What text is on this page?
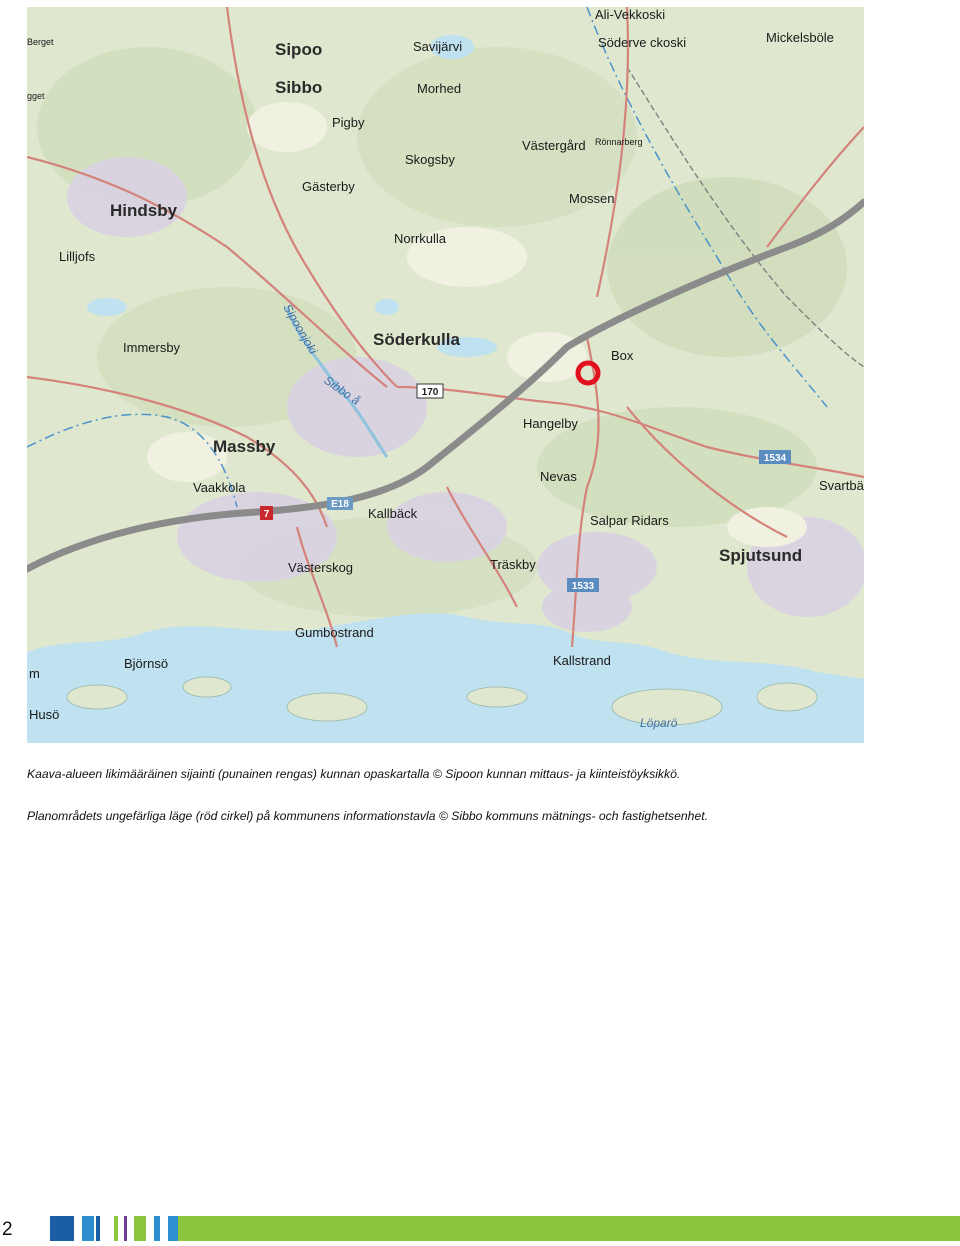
170
E18
7
1534
1533
Sipoo
Sibbo
Hindsby
Söderkulla
Massby
Spjutsund
Savijärvi
Ali-Vekkoski
Söderve ckoski	Mickelsböle
Morhed
Pigby
Skogsby
Västergård Rönnarberg
Gästerby
Mossen
Lilljofs
Norrkulla
Immersby
Box
Hangelby
Vaakkola
Nevas
Kallbäck
Svartbä
Salpar Ridars
Västerskog	Träskby
Gumbostrand
Björnsö	Kallstrand
Husö
m
Berget
gget
Sipoonjoki
Sibbo å
Löparö
Kaava-alueen likimääräinen sijainti (punainen rengas) kunnan opaskartalla © Sipoon kunnan mittaus- ja kiinteistöyksikkö.
Planområdets ungefärliga läge (röd cirkel) på kommunens informationstavla © Sibbo kommuns mätnings- och fastighetsenhet.
2
